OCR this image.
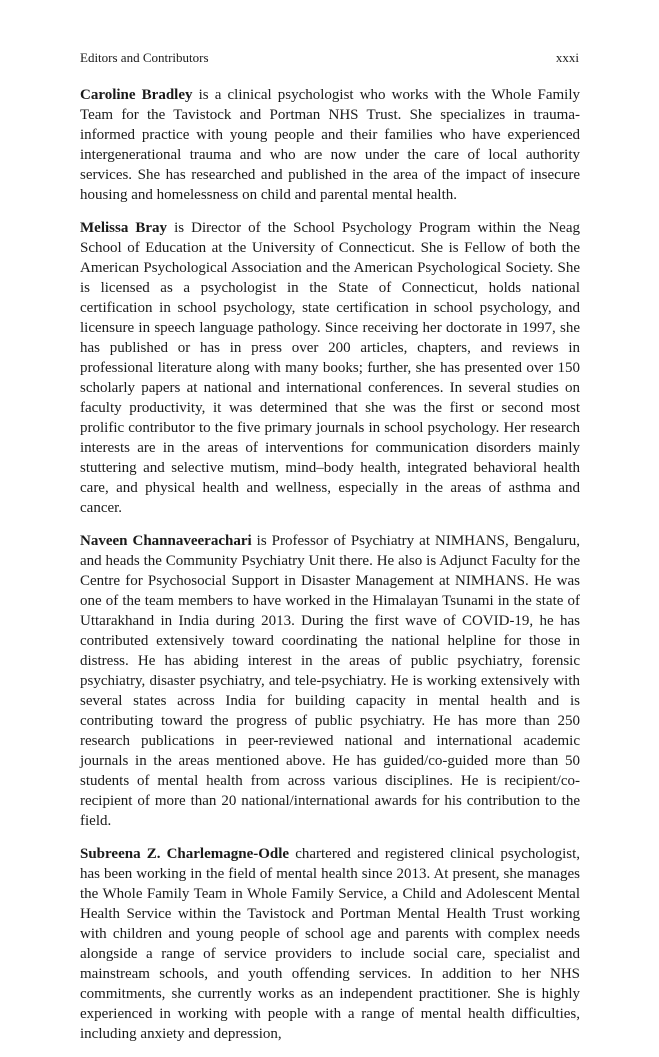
Editors and Contributors	xxxi

Caroline Bradley is a clinical psychologist who works with the Whole Family Team for the Tavistock and Portman NHS Trust. She specializes in trauma-informed practice with young people and their families who have experienced intergenerational trauma and who are now under the care of local authority services. She has researched and published in the area of the impact of insecure housing and homelessness on child and parental mental health.

Melissa Bray is Director of the School Psychology Program within the Neag School of Education at the University of Connecticut. She is Fellow of both the American Psychological Association and the American Psychological Society. She is licensed as a psychologist in the State of Connecticut, holds national certification in school psychology, state certification in school psychology, and licensure in speech language pathology. Since receiving her doctorate in 1997, she has published or has in press over 200 articles, chapters, and reviews in professional literature along with many books; further, she has presented over 150 scholarly papers at national and international conferences. In several studies on faculty productivity, it was determined that she was the first or second most prolific contributor to the five primary journals in school psychology. Her research interests are in the areas of interventions for communication disorders mainly stuttering and selective mutism, mind–body health, integrated behavioral health care, and physical health and wellness, especially in the areas of asthma and cancer.

Naveen Channaveerachari is Professor of Psychiatry at NIMHANS, Bengaluru, and heads the Community Psychiatry Unit there. He also is Adjunct Faculty for the Centre for Psychosocial Support in Disaster Management at NIMHANS. He was one of the team members to have worked in the Himalayan Tsunami in the state of Uttarakhand in India during 2013. During the first wave of COVID-19, he has contributed extensively toward coordinating the national helpline for those in distress. He has abiding interest in the areas of public psychiatry, forensic psychiatry, disaster psychiatry, and tele-psychiatry. He is working extensively with several states across India for building capacity in mental health and is contributing toward the progress of public psychiatry. He has more than 250 research publications in peer-reviewed national and international academic journals in the areas mentioned above. He has guided/co-guided more than 50 students of mental health from across various disciplines. He is recipient/co-recipient of more than 20 national/international awards for his contribution to the field.

Subreena Z. Charlemagne-Odle chartered and registered clinical psychologist, has been working in the field of mental health since 2013. At present, she manages the Whole Family Team in Whole Family Service, a Child and Adolescent Mental Health Service within the Tavistock and Portman Mental Health Trust working with children and young people of school age and parents with complex needs alongside a range of service providers to include social care, specialist and mainstream schools, and youth offending services. In addition to her NHS commitments, she currently works as an independent practitioner. She is highly experienced in working with people with a range of mental health difficulties, including anxiety and depression,
